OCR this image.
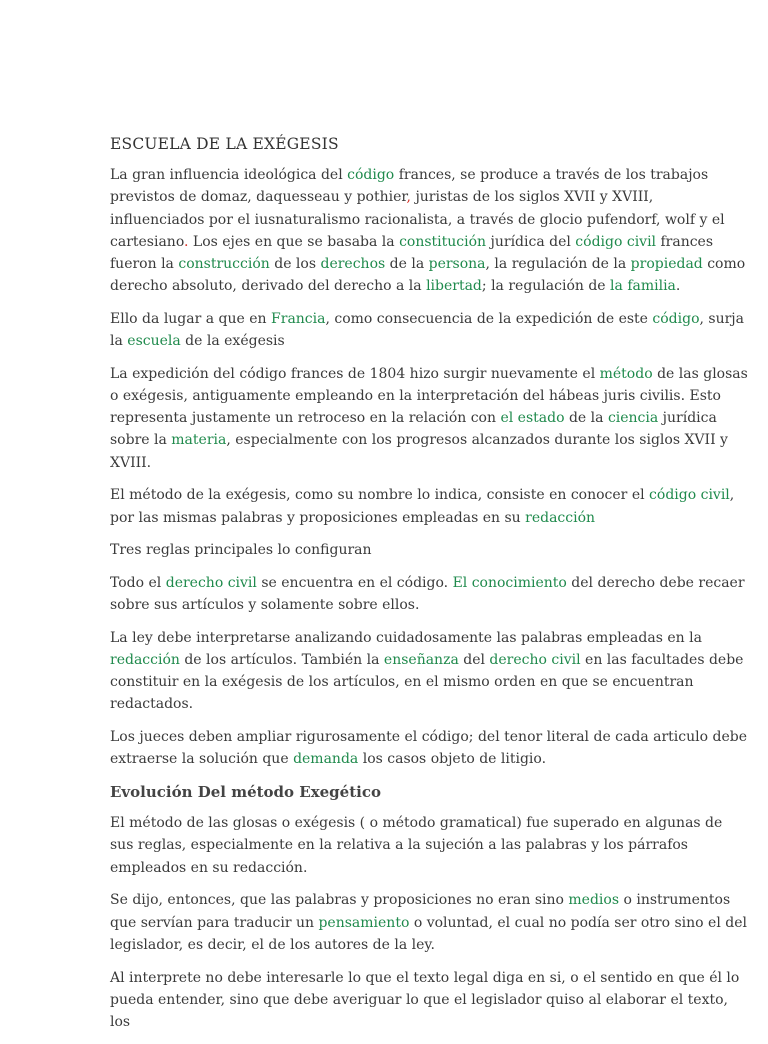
ESCUELA DE LA EXÉGESIS

La gran influencia ideológica del código frances, se produce a través de los trabajos previstos de domaz, daquesseau y pothier, juristas de los siglos XVII y XVIII, influenciados por el iusnaturalismo racionalista, a través de glocio pufendorf, wolf y el cartesiano. Los ejes en que se basaba la constitución jurídica del código civil frances fueron la construcción de los derechos de la persona, la regulación de la propiedad como derecho absoluto, derivado del derecho a la libertad; la regulación de la familia.

Ello da lugar a que en Francia, como consecuencia de la expedición de este código, surja la escuela de la exégesis

La expedición del código frances de 1804 hizo surgir nuevamente el método de las glosas o exégesis, antiguamente empleando en la interpretación del hábeas juris civilis. Esto representa justamente un retroceso en la relación con el estado de la ciencia jurídica sobre la materia, especialmente con los progresos alcanzados durante los siglos XVII y XVIII.

El método de la exégesis, como su nombre lo indica, consiste en conocer el código civil, por las mismas palabras y proposiciones empleadas en su redacción

Tres reglas principales lo configuran

Todo el derecho civil se encuentra en el código. El conocimiento del derecho debe recaer sobre sus artículos y solamente sobre ellos.

La ley debe interpretarse analizando cuidadosamente las palabras empleadas en la redacción de los artículos. También la enseñanza del derecho civil en las facultades debe constituir en la exégesis de los artículos, en el mismo orden en que se encuentran redactados.

Los jueces deben ampliar rigurosamente el código; del tenor literal de cada articulo debe extraerse la solución que demanda los casos objeto de litigio.

Evolución Del método Exegético

El método de las glosas o exégesis ( o método gramatical) fue superado en algunas de sus reglas, especialmente en la relativa a la sujeción a las palabras y los párrafos empleados en su redacción.

Se dijo, entonces, que las palabras y proposiciones no eran sino medios o instrumentos que servían para traducir un pensamiento o voluntad, el cual no podía ser otro sino el del legislador, es decir, el de los autores de la ley.

Al interprete no debe interesarle lo que el texto legal diga en si, o el sentido en que él lo pueda entender, sino que debe averiguar lo que el legislador quiso al elaborar el texto, los
